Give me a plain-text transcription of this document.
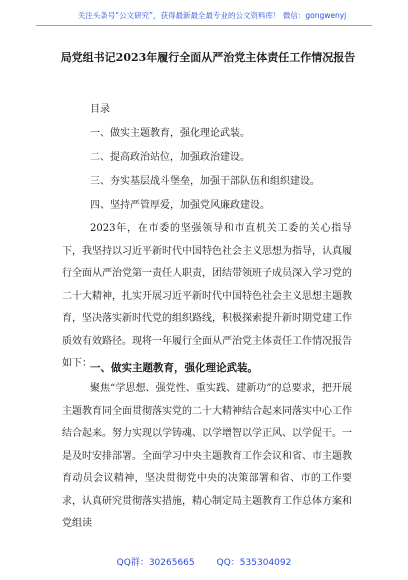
关注头条号“公文研究”，获得最新最全最专业的公文资料库！ 微信：gongwenyj
局党组书记2023年履行全面从严治党主体责任工作情况报告
目录
一、做实主题教育，强化理论武装。
二、提高政治站位，加强政治建设。
三、夯实基层战斗堡垒，加强干部队伍和组织建设。
四、坚持严管厚爱，加强党风廉政建设。
2023年，在市委的坚强领导和市直机关工委的关心指导下，我坚持以习近平新时代中国特色社会主义思想为指导，认真履行全面从严治党第一责任人职责，团结带领班子成员深入学习党的二十大精神，扎实开展习近平新时代中国特色社会主义思想主题教育，坚决落实新时代党的组织路线，积极探索提升新时期党建工作质效有效路径。现将一年履行全面从严治党主体责任工作情况报告如下：
一、做实主题教育，强化理论武装。
聚焦“学思想、强党性、重实践、建新功”的总要求，把开展主题教育同全面贯彻落实党的二十大精神结合起来同落实中心工作结合起来。努力实现以学铸魂、以学增智以学正风、以学促干。一是及时安排部署。全面学习中央主题教育工作会议和省、市主题教育动员会议精神，坚决贯彻党中央的决策部署和省、市的工作要求，认真研究贯彻落实措施，精心制定局主题教育工作总体方案和党组读
QQ群：30265665 QQ：535304092
